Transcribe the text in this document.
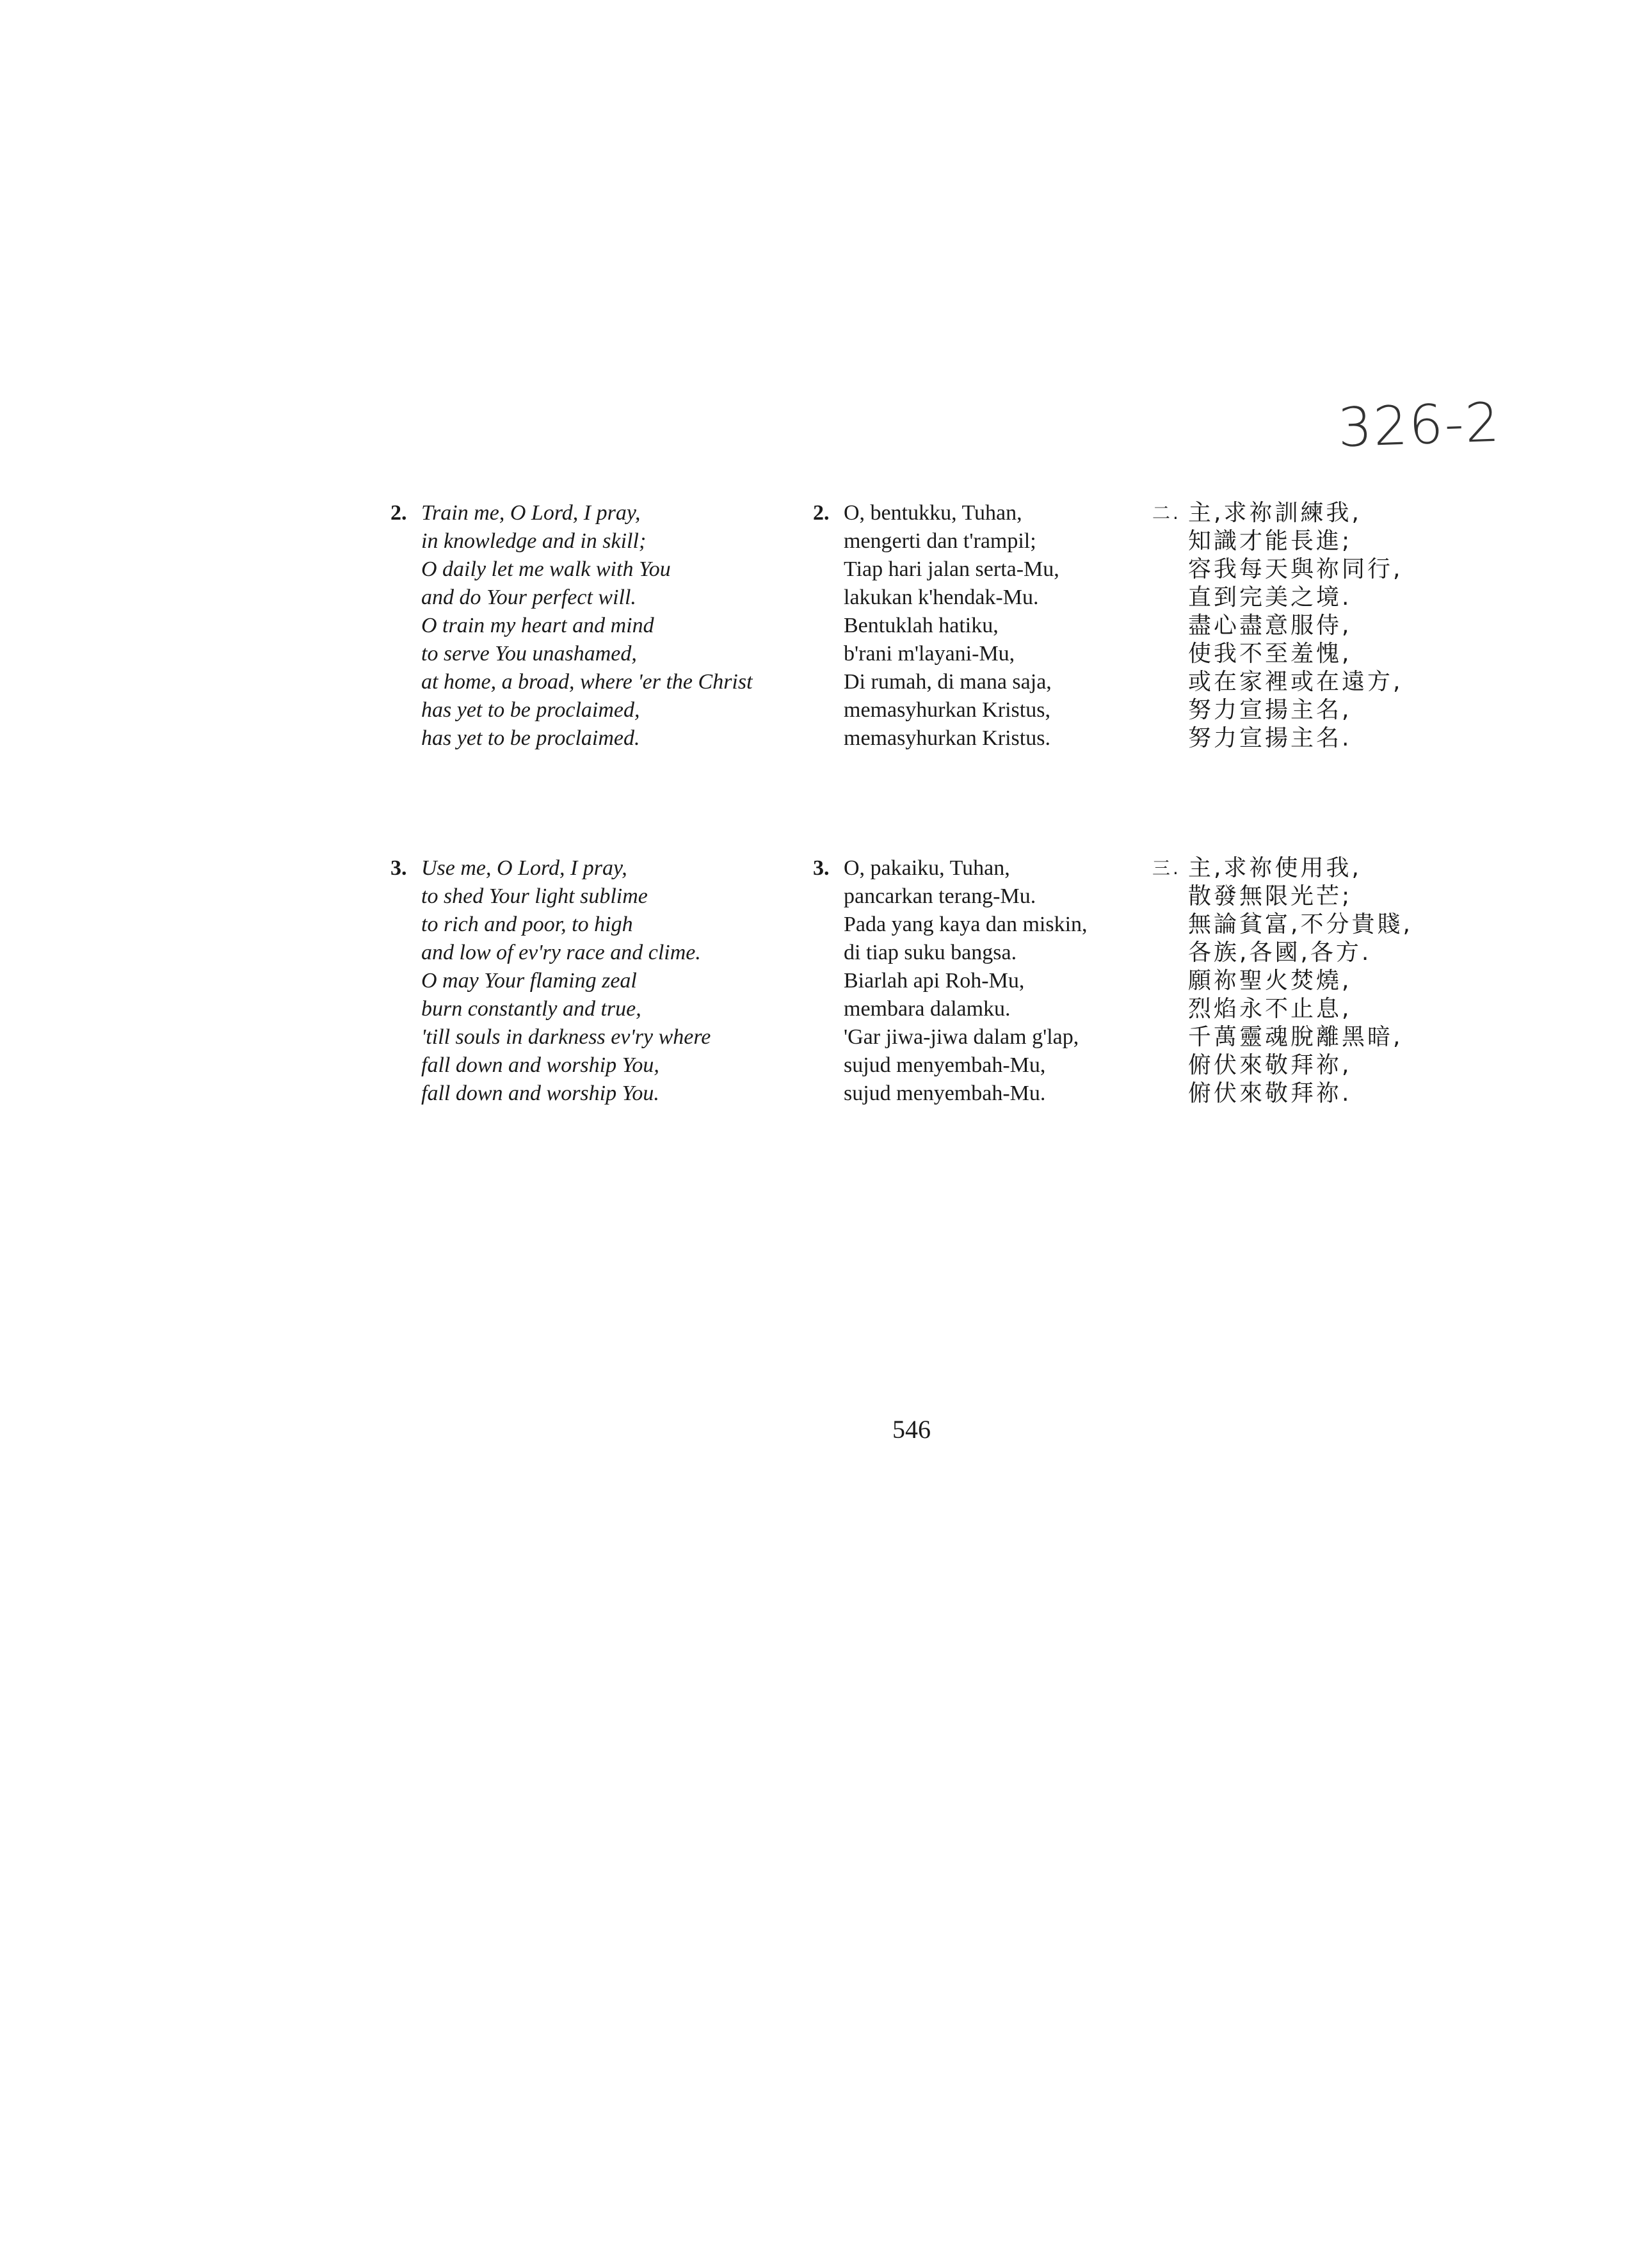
326-2
2. Train me, O Lord, I pray,
in knowledge and in skill;
O daily let me walk with You
and do Your perfect will.
O train my heart and mind
to serve You unashamed,
at home, a broad, where 'er the Christ
has yet to be proclaimed,
has yet to be proclaimed.
2. O, bentukku, Tuhan,
mengerti dan t'rampil;
Tiap hari jalan serta-Mu,
lakukan k'hendak-Mu.
Bentuklah hatiku,
b'rani m'layani-Mu,
Di rumah, di mana saja,
memasyhurkan Kristus,
memasyhurkan Kristus.
二. 主,求祢訓練我,
知識才能長進;
容我每天與祢同行,
直到完美之境.
盡心盡意服侍,
使我不至羞愧,
或在家裡或在遠方,
努力宣揚主名,
努力宣揚主名.
3. Use me, O Lord, I pray,
to shed Your light sublime
to rich and poor, to high
and low of ev'ry race and clime.
O may Your flaming zeal
burn constantly and true,
'till souls in darkness ev'ry where
fall down and worship You,
fall down and worship You.
3. O, pakaiku, Tuhan,
pancarkan terang-Mu.
Pada yang kaya dan miskin,
di tiap suku bangsa.
Biarlah api Roh-Mu,
membara dalamku.
'Gar jiwa-jiwa dalam g'lap,
sujud menyembah-Mu,
sujud menyembah-Mu.
三. 主,求祢使用我,
散發無限光芒;
無論貧富,不分貴賤,
各族,各國,各方.
願祢聖火焚燒,
烈焰永不止息,
千萬靈魂脫離黑暗,
俯伏來敬拜祢,
俯伏來敬拜祢.
546
